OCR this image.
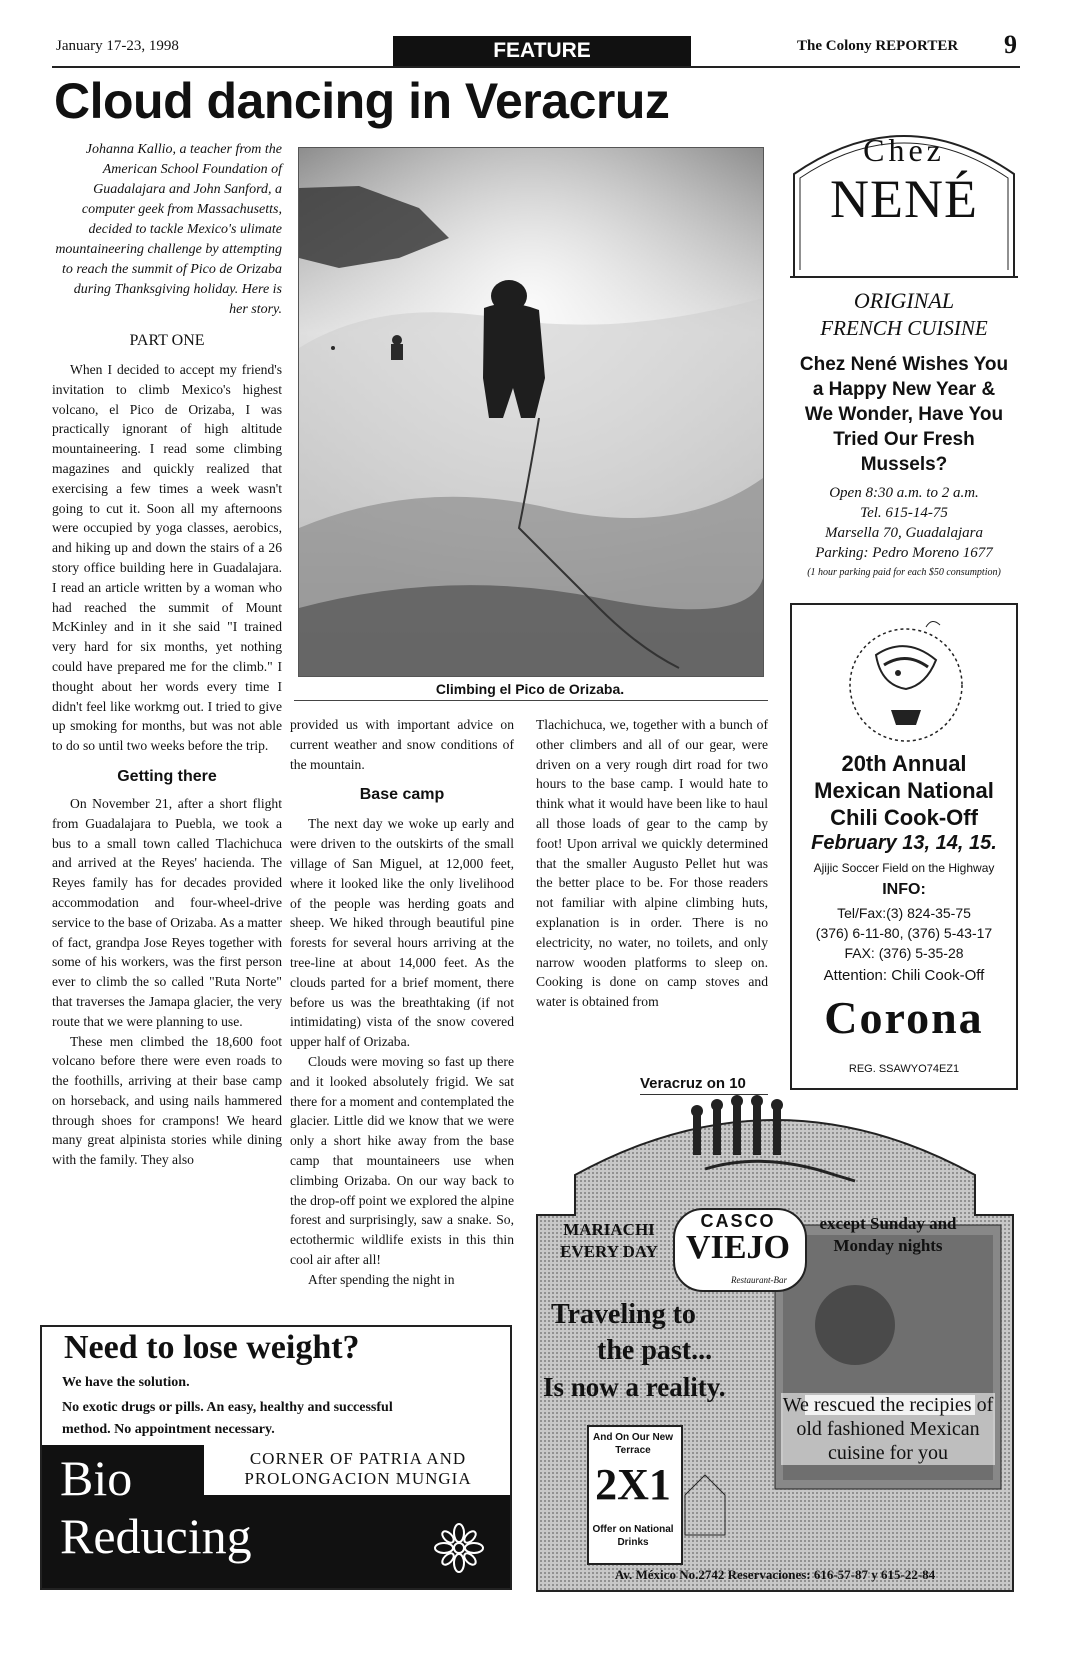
January 17-23, 1998	FEATURE	The Colony REPORTER 9
Cloud dancing in Veracruz
Johanna Kallio, a teacher from the American School Foundation of Guadalajara and John Sanford, a computer geek from Massachusetts, decided to tackle Mexico's ulimate mountaineering challenge by attempting to reach the summit of Pico de Orizaba during Thanksgiving holiday. Here is her story.
PART ONE

When I decided to accept my friend's invitation to climb Mexico's highest volcano, el Pico de Orizaba, I was practically ignorant of high altitude mountaineering. I read some climbing magazines and quickly realized that exercising a few times a week wasn't going to cut it. Soon all my afternoons were occupied by yoga classes, aerobics, and hiking up and down the stairs of a 26 story office building here in Guadalajara. I read an article written by a woman who had reached the summit of Mount McKinley and in it she said "I trained very hard for six months, yet nothing could have prepared me for the climb." I thought about her words every time I didn't feel like workmg out. I tried to give up smoking for months, but was not able to do so until two weeks before the trip.

Getting there

On November 21, after a short flight from Guadalajara to Puebla, we took a bus to a small town called Tlachichuca and arrived at the Reyes' hacienda. The Reyes family has for decades provided accommodation and four-wheel-drive service to the base of Orizaba. As a matter of fact, grandpa Jose Reyes together with some of his workers, was the first person ever to climb the so called "Ruta Norte" that traverses the Jamapa glacier, the very route that we were planning to use.

These men climbed the 18,600 foot volcano before there were even roads to the foothills, arriving at their base camp on horseback, and using nails hammered through shoes for crampons! We heard many great alpinista stories while dining with the family. They also

Climbing el Pico de Orizaba.

provided us with important advice on current weather and snow conditions of the mountain.

Base camp

The next day we woke up early and were driven to the outskirts of the small village of San Miguel, at 12,000 feet, where it looked like the only livelihood of the people was herding goats and sheep. We hiked through beautiful pine forests for several hours arriving at the tree-line at about 14,000 feet. As the clouds parted for a brief moment, there before us was the breathtaking (if not intimidating) vista of the snow covered upper half of Orizaba.

Clouds were moving so fast up there and it looked absolutely frigid. We sat there for a moment and contemplated the glacier. Little did we know that we were only a short hike away from the base camp that mountaineers use when climbing Orizaba. On our way back to the drop-off point we explored the alpine forest and surprisingly, saw a snake. So, ectothermic wildlife exists in this thin cool air after all!

After spending the night in

Tlachichuca, we, together with a bunch of other climbers and all of our gear, were driven on a very rough dirt road for two hours to the base camp. I would hate to think what it would have been like to haul all those loads of gear to the camp by foot! Upon arrival we quickly determined that the smaller Augusto Pellet hut was the better place to be. For those readers not familiar with alpine climbing huts, explanation is in order. There is no electricity, no water, no toilets, and only narrow wooden platforms to sleep on. Cooking is done on camp stoves and water is obtained from

Veracruz on 10
Chez
NENÉ
ORIGINAL
FRENCH CUISINE
Chez Nené Wishes You a Happy New Year & We Wonder, Have You Tried Our Fresh Mussels?
Open 8:30 a.m. to 2 a.m.
Tel. 615-14-75
Marsella 70, Guadalajara
Parking: Pedro Moreno 1677
(1 hour parking paid for each $50 consumption)
20th Annual
Mexican National
Chili Cook-Off
February 13, 14, 15.
Ajijic Soccer Field on the Highway
INFO:
Tel/Fax:(3) 824-35-75
(376) 6-11-80, (376) 5-43-17
FAX: (376) 5-35-28
Attention: Chili Cook-Off
Corona
REG. SSAWYO74EZ1
Need to lose weight?
We have the solution.
No exotic drugs or pills. An easy, healthy and successful method. No appointment necessary.
CORNER OF PATRIA AND PROLONGACION MUNGIA
Bio
Reducing
MARIACHI EVERY DAY
CASCO
VIEJO
Restaurant-Bar
except Sunday and Monday nights
Traveling to
the past...
Is now a reality.
And On Our New Terrace
2X1
Offer on National Drinks
We rescued the recipies of old fashioned Mexican cuisine for you
Av. México No.2742 Reservaciones: 616-57-87 y 615-22-84
